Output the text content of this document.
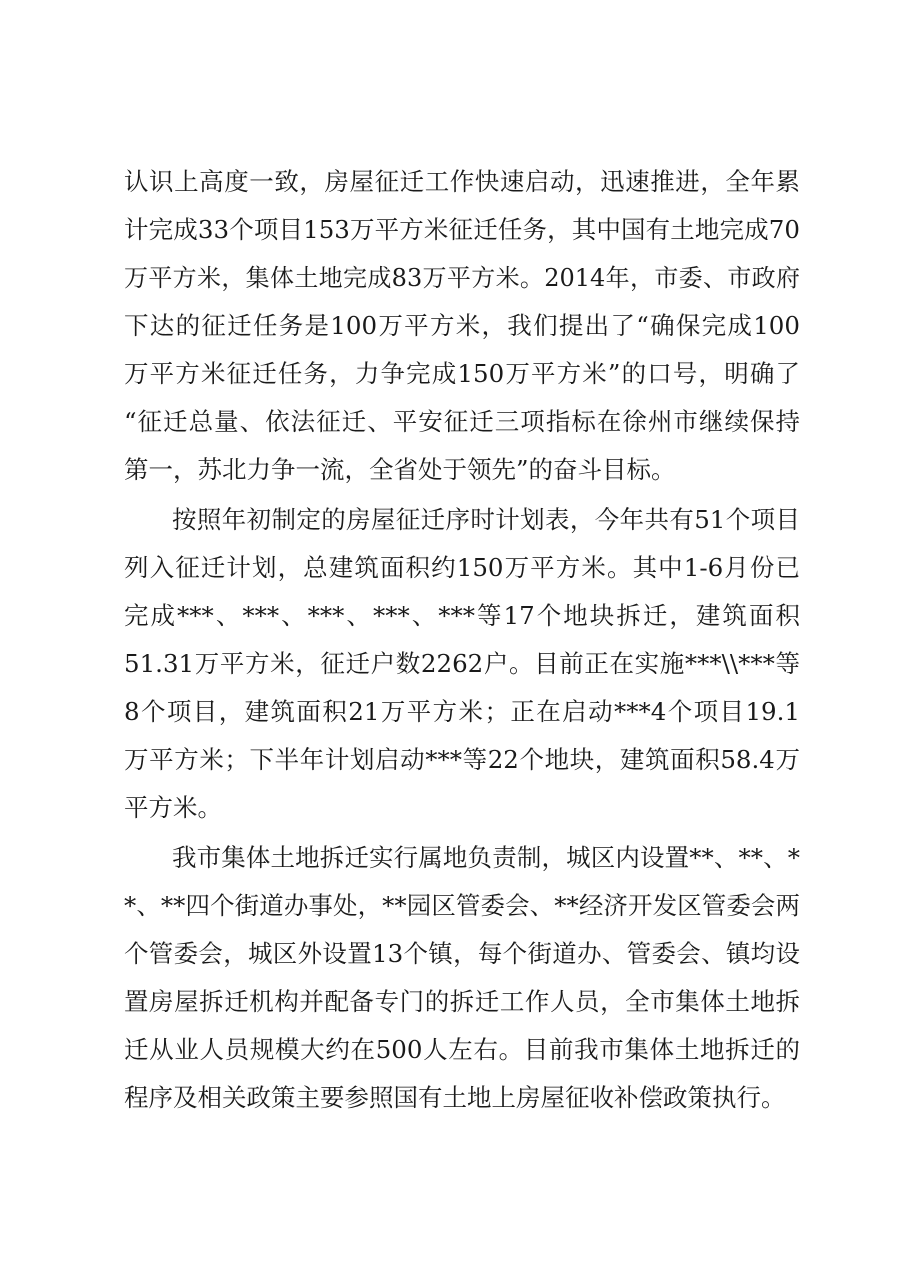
认识上高度一致，房屋征迁工作快速启动，迅速推进，全年累
计完成33个项目153万平方米征迁任务，其中国有土地完成70
万平方米，集体土地完成83万平方米。2014年，市委、市政府
下达的征迁任务是100万平方米，我们提出了“确保完成100
万平方米征迁任务，力争完成150万平方米”的口号，明确了
“征迁总量、依法征迁、平安征迁三项指标在徐州市继续保持
第一，苏北力争一流，全省处于领先”的奋斗目标。
按照年初制定的房屋征迁序时计划表，今年共有51个项目
列入征迁计划，总建筑面积约150万平方米。其中1-6月份已
完成***、***、***、***、***等17个地块拆迁，建筑面积
51.31万平方米，征迁户数2262户。目前正在实施***\\***等
8个项目，建筑面积21万平方米；正在启动***4个项目19.1
万平方米；下半年计划启动***等22个地块，建筑面积58.4万
平方米。
我市集体土地拆迁实行属地负责制，城区内设置**、**、*
*、**四个街道办事处，**园区管委会、**经济开发区管委会两
个管委会，城区外设置13个镇，每个街道办、管委会、镇均设
置房屋拆迁机构并配备专门的拆迁工作人员，全市集体土地拆
迁从业人员规模大约在500人左右。目前我市集体土地拆迁的
程序及相关政策主要参照国有土地上房屋征收补偿政策执行。
